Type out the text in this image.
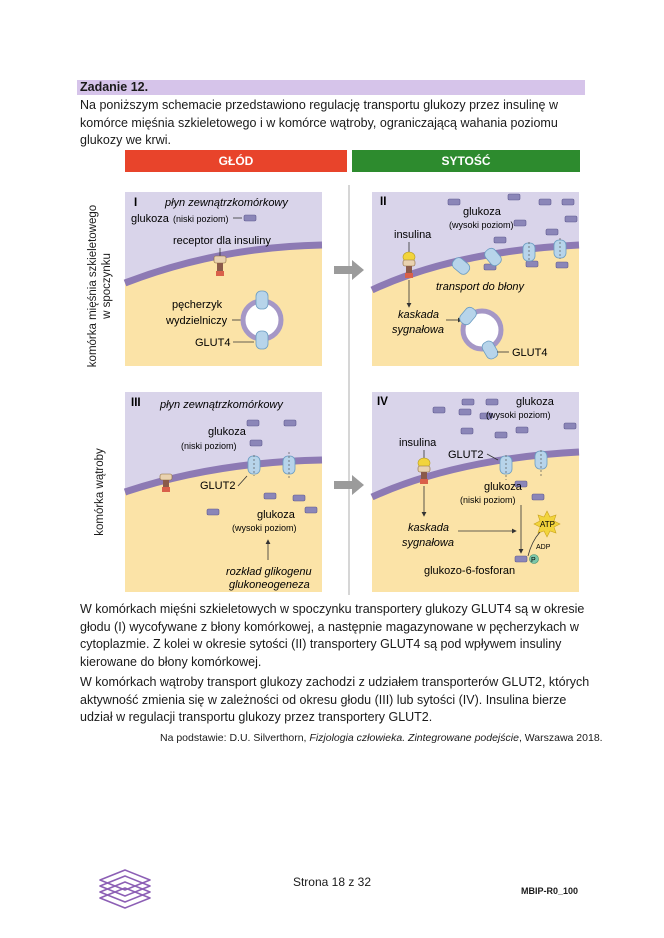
Zadanie 12.
Na poniższym schemacie przedstawiono regulację transportu glukozy przez insulinę w komórce mięśnia szkieletowego i w komórce wątroby, ograniczającą wahania poziomu glukozy we krwi.
GŁÓD	SYTOŚĆ
komórka mięśnia szkieletowego w spoczynku
komórka wątroby
I	płyn zewnątrzkomórkowy
glukoza (niski poziom)
receptor dla insuliny
pęcherzyk
wydzielniczy
GLUT4
II
glukoza
(wysoki poziom)
insulina
transport do błony
kaskada
sygnałowa
GLUT4
III płyn zewnątrzkomórkowy
glukoza
(niski poziom)
GLUT2
glukoza
(wysoki poziom)
rozkład glikogenu
glukoneogeneza
IV	glukoza
(wysoki poziom)
insulina
GLUT2
glukoza
(niski poziom)
kaskada
sygnałowa
ATP
ADP
P
glukozo-6-fosforan
W komórkach mięśni szkieletowych w spoczynku transportery glukozy GLUT4 są w okresie głodu (I) wycofywane z błony komórkowej, a następnie magazynowane w pęcherzykach w cytoplazmie. Z kolei w okresie sytości (II) transportery GLUT4 są pod wpływem insuliny kierowane do błony komórkowej.
W komórkach wątroby transport glukozy zachodzi z udziałem transporterów GLUT2, których aktywność zmienia się w zależności od okresu głodu (III) lub sytości (IV). Insulina bierze udział w regulacji transportu glukozy przez transportery GLUT2.
Na podstawie: D.U. Silverthorn, Fizjologia człowieka. Zintegrowane podejście, Warszawa 2018.
Strona 18 z 32
MBIP-R0_100
